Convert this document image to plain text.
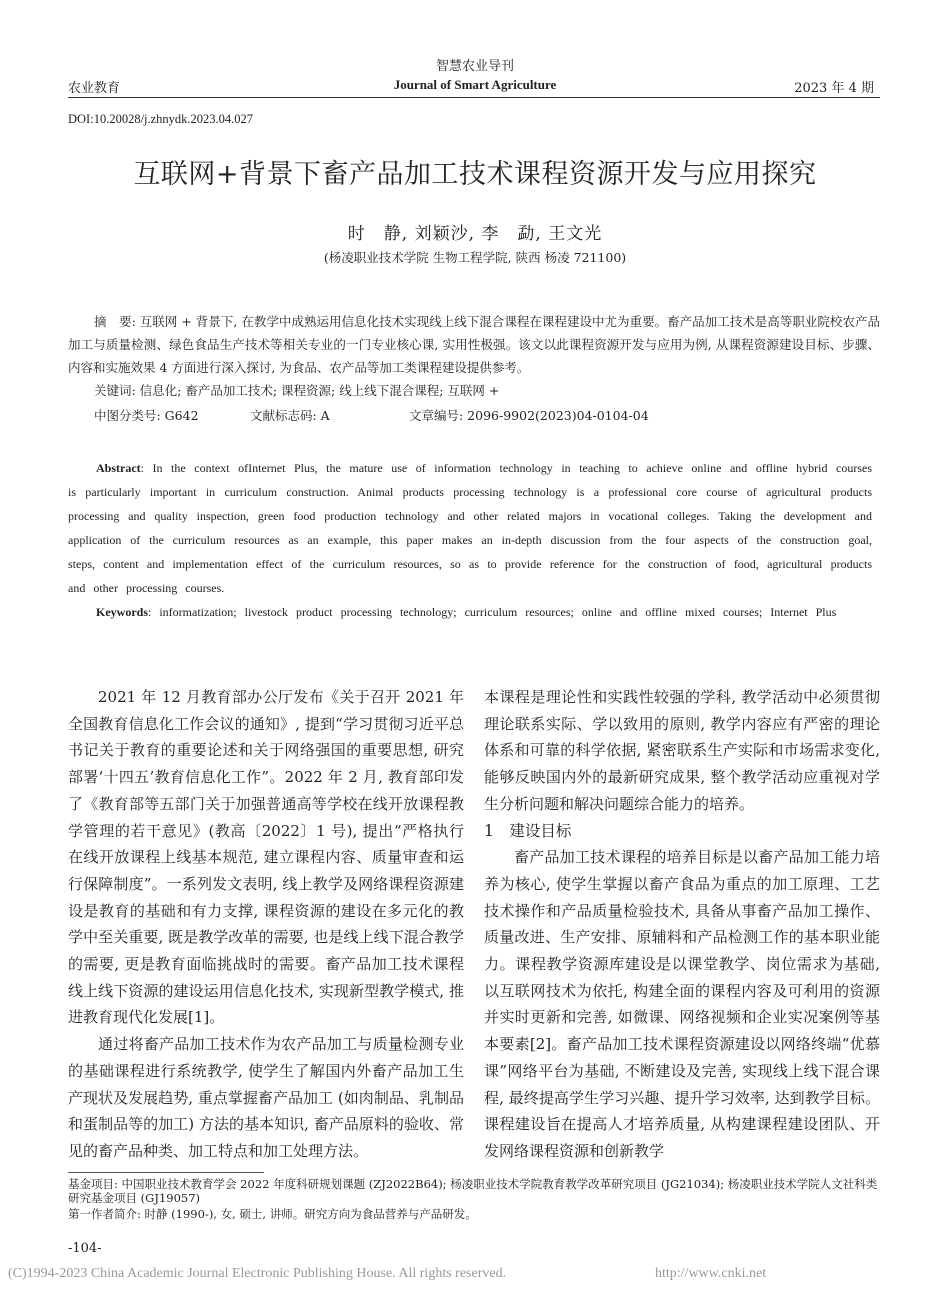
智慧农业导刊
农业教育	Journal of Smart Agriculture	2023 年 4 期
DOI:10.20028/j.zhnydk.2023.04.027
互联网+背景下畜产品加工技术课程资源开发与应用探究
时　静, 刘颖沙, 李　勐, 王文光
(杨凌职业技术学院 生物工程学院, 陕西 杨凌 721100)
摘　要: 互联网 + 背景下, 在教学中成熟运用信息化技术实现线上线下混合课程在课程建设中尤为重要。畜产品加工技术是高等职业院校农产品加工与质量检测、绿色食品生产技术等相关专业的一门专业核心课, 实用性极强。该文以此课程资源开发与应用为例, 从课程资源建设目标、步骤、内容和实施效果 4 方面进行深入探讨, 为食品、农产品等加工类课程建设提供参考。
关键词: 信息化; 畜产品加工技术; 课程资源; 线上线下混合课程; 互联网 +
中图分类号: G642	文献标志码: A	文章编号: 2096-9902(2023)04-0104-04
Abstract: In the context ofInternet Plus, the mature use of information technology in teaching to achieve online and offline hybrid courses is particularly important in curriculum construction. Animal products processing technology is a professional core course of agricultural products processing and quality inspection, green food production technology and other related majors in vocational colleges. Taking the development and application of the curriculum resources as an example, this paper makes an in-depth discussion from the four aspects of the construction goal, steps, content and implementation effect of the curriculum resources, so as to provide reference for the construction of food, agricultural products and other processing courses.
Keywords: informatization; livestock product processing technology; curriculum resources; online and offline mixed courses; Internet Plus

2021 年 12 月教育部办公厅发布《关于召开 2021 年全国教育信息化工作会议的通知》, 提到“学习贯彻习近平总书记关于教育的重要论述和关于网络强国的重要思想, 研究部署‘十四五’教育信息化工作”。2022 年 2 月, 教育部印发了《教育部等五部门关于加强普通高等学校在线开放课程教学管理的若干意见》(教高〔2022〕1 号), 提出“严格执行在线开放课程上线基本规范, 建立课程内容、质量审查和运行保障制度”。一系列发文表明, 线上教学及网络课程资源建设是教育的基础和有力支撑, 课程资源的建设在多元化的教学中至关重要, 既是教学改革的需要, 也是线上线下混合教学的需要, 更是教育面临挑战时的需要。畜产品加工技术课程线上线下资源的建设运用信息化技术, 实现新型教学模式, 推进教育现代化发展[1]。

通过将畜产品加工技术作为农产品加工与质量检测专业的基础课程进行系统教学, 使学生了解国内外畜产品加工生产现状及发展趋势, 重点掌握畜产品加工 (如肉制品、乳制品和蛋制品等的加工) 方法的基本知识, 畜产品原料的验收、常见的畜产品种类、加工特点和加工处理方法。

本课程是理论性和实践性较强的学科, 教学活动中必须贯彻理论联系实际、学以致用的原则, 教学内容应有严密的理论体系和可靠的科学依据, 紧密联系生产实际和市场需求变化, 能够反映国内外的最新研究成果, 整个教学活动应重视对学生分析问题和解决问题综合能力的培养。

1　建设目标

畜产品加工技术课程的培养目标是以畜产品加工能力培养为核心, 使学生掌握以畜产食品为重点的加工原理、工艺技术操作和产品质量检验技术, 具备从事畜产品加工操作、质量改进、生产安排、原辅料和产品检测工作的基本职业能力。课程教学资源库建设是以课堂教学、岗位需求为基础, 以互联网技术为依托, 构建全面的课程内容及可利用的资源并实时更新和完善, 如微课、网络视频和企业实况案例等基本要素[2]。畜产品加工技术课程资源建设以网络终端“优慕课”网络平台为基础, 不断建设及完善, 实现线上线下混合课程, 最终提高学生学习兴趣、提升学习效率, 达到教学目标。课程建设旨在提高人才培养质量, 从构建课程建设团队、开发网络课程资源和创新教学

基金项目: 中国职业技术教育学会 2022 年度科研规划课题 (ZJ2022B64); 杨凌职业技术学院教育教学改革研究项目 (JG21034); 杨凌职业技术学院人文社科类研究基金项目 (GJ19057)
第一作者简介: 时静 (1990-), 女, 硕士, 讲师。研究方向为食品营养与产品研发。
-104-
(C)1994-2023 China Academic Journal Electronic Publishing House. All rights reserved.	http://www.cnki.net
